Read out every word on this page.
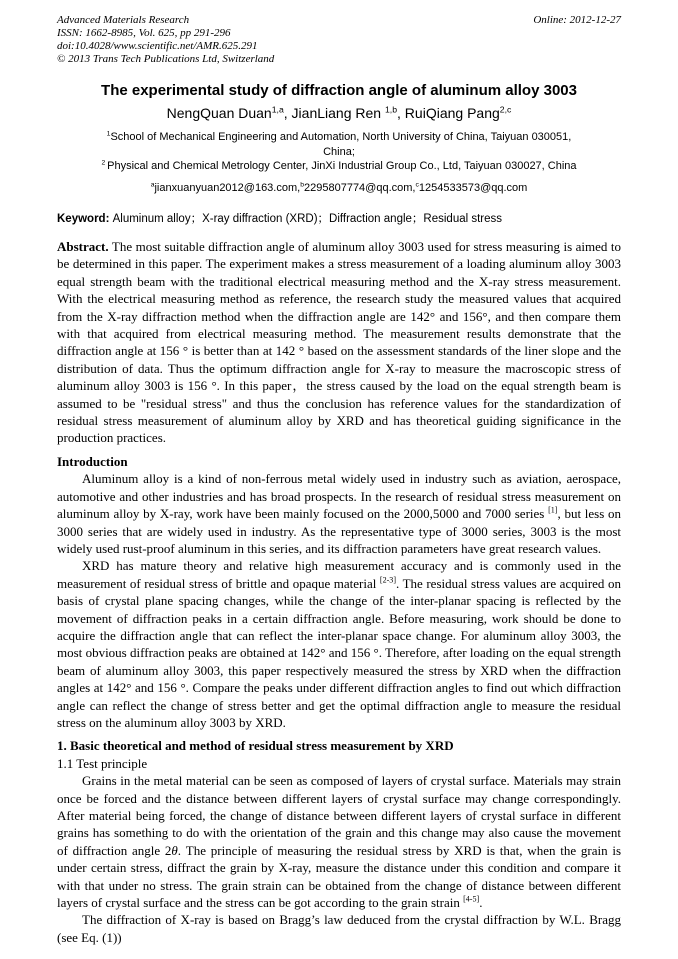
Advanced Materials Research
ISSN: 1662-8985, Vol. 625, pp 291-296
doi:10.4028/www.scientific.net/AMR.625.291
© 2013 Trans Tech Publications Ltd, Switzerland
Online: 2012-12-27
The experimental study of diffraction angle of aluminum alloy 3003
NengQuan Duan$^{1,a}$, JianLiang Ren $^{1,b}$, RuiQiang Pang$^{2,c}$
$^1$School of Mechanical Engineering and Automation, North University of China, Taiyuan 030051,
China;
$^2$ Physical and Chemical Metrology Center, JinXi Industrial Group Co., Ltd, Taiyuan 030027, China
$^a$jianxuanyuan2012@163.com,$^b$2295807774@qq.com,$^c$1254533573@qq.com
Keyword: Aluminum alloy；X-ray diffraction (XRD)；Diffraction angle；Residual stress

Abstract. The most suitable diffraction angle of aluminum alloy 3003 used for stress measuring is aimed to be determined in this paper. The experiment makes a stress measurement of a loading aluminum alloy 3003 equal strength beam with the traditional electrical measuring method and the X-ray stress measurement. With the electrical measuring method as reference, the research study the measured values that acquired from the X-ray diffraction method when the diffraction angle are 142° and 156°, and then compare them with that acquired from electrical measuring method. The measurement results demonstrate that the diffraction angle at 156 ° is better than at 142 ° based on the assessment standards of the liner slope and the distribution of data. Thus the optimum diffraction angle for X-ray to measure the macroscopic stress of aluminum alloy 3003 is 156 °. In this paper，the stress caused by the load on the equal strength beam is assumed to be "residual stress" and thus the conclusion has reference values for the standardization of residual stress measurement of aluminum alloy by XRD and has theoretical guiding significance in the production practices.

Introduction

Aluminum alloy is a kind of non-ferrous metal widely used in industry such as aviation, aerospace, automotive and other industries and has broad prospects. In the research of residual stress measurement on aluminum alloy by X-ray, work have been mainly focused on the 2000,5000 and 7000 series [1], but less on 3000 series that are widely used in industry. As the representative type of 3000 series, 3003 is the most widely used rust-proof aluminum in this series, and its diffraction parameters have great research values.

XRD has mature theory and relative high measurement accuracy and is commonly used in the measurement of residual stress of brittle and opaque material [2-3]. The residual stress values are acquired on basis of crystal plane spacing changes, while the change of the inter-planar spacing is reflected by the movement of diffraction peaks in a certain diffraction angle. Before measuring, work should be done to acquire the diffraction angle that can reflect the inter-planar space change. For aluminum alloy 3003, the most obvious diffraction peaks are obtained at 142° and 156 °. Therefore, after loading on the equal strength beam of aluminum alloy 3003, this paper respectively measured the stress by XRD when the diffraction angles at 142° and 156 °. Compare the peaks under different diffraction angles to find out which diffraction angle can reflect the change of stress better and get the optimal diffraction angle to measure the residual stress on the aluminum alloy 3003 by XRD.

1. Basic theoretical and method of residual stress measurement by XRD
1.1 Test principle

Grains in the metal material can be seen as composed of layers of crystal surface. Materials may strain once be forced and the distance between different layers of crystal surface may change correspondingly. After material being forced, the change of distance between different layers of crystal surface in different grains has something to do with the orientation of the grain and this change may also cause the movement of diffraction angle 2θ. The principle of measuring the residual stress by XRD is that, when the grain is under certain stress, diffract the grain by X-ray, measure the distance under this condition and compare it with that under no stress. The grain strain can be obtained from the change of distance between different layers of crystal surface and the stress can be got according to the grain strain [4-5].

The diffraction of X-ray is based on Bragg’s law deduced from the crystal diffraction by W.L. Bragg (see Eq. (1))
